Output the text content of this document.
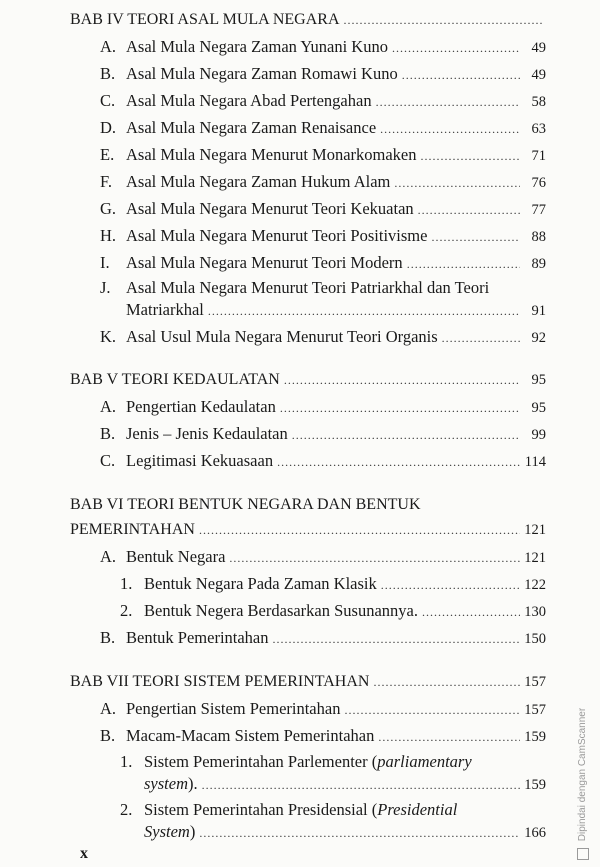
BAB IV TEORI ASAL MULA NEGARA
.....
A. Asal Mula Negara Zaman Yunani Kuno .....	49
B. Asal Mula Negara Zaman Romawi Kuno .....	49
C. Asal Mula Negara Abad Pertengahan .....	58
D. Asal Mula Negara Zaman Renaisance .....	63
E. Asal Mula Negara Menurut Monarkomaken .....	71
F. Asal Mula Negara Zaman Hukum Alam .....	76
G. Asal Mula Negara Menurut Teori Kekuatan .....	77
H. Asal Mula Negara Menurut Teori Positivisme .....	88
I. Asal Mula Negara Menurut Teori Modern .....	89
J. Asal Mula Negara Menurut Teori Patriarkhal dan Teori
Matriarkhal .....	91
K. Asal Usul Mula Negara Menurut Teori Organis .....	92
BAB V TEORI KEDAULATAN .....	95
A. Pengertian Kedaulatan .....	95
B. Jenis – Jenis Kedaulatan .....	99
C. Legitimasi Kekuasaan .....	114
BAB VI TEORI BENTUK NEGARA DAN BENTUK
PEMERINTAHAN .....	121
A. Bentuk Negara .....	121
1. Bentuk Negara Pada Zaman Klasik .....	122
2. Bentuk Negera Berdasarkan Susunannya. .....	130
B. Bentuk Pemerintahan .....	150
BAB VII TEORI SISTEM PEMERINTAHAN .....	157
A. Pengertian Sistem Pemerintahan .....	157
B. Macam-Macam Sistem Pemerintahan .....	159
1. Sistem Pemerintahan Parlementer (parliamentary
system). .....	159
2. Sistem Pemerintahan Presidensial (Presidential
System) .....	166
x
Dipindai dengan CamScanner
